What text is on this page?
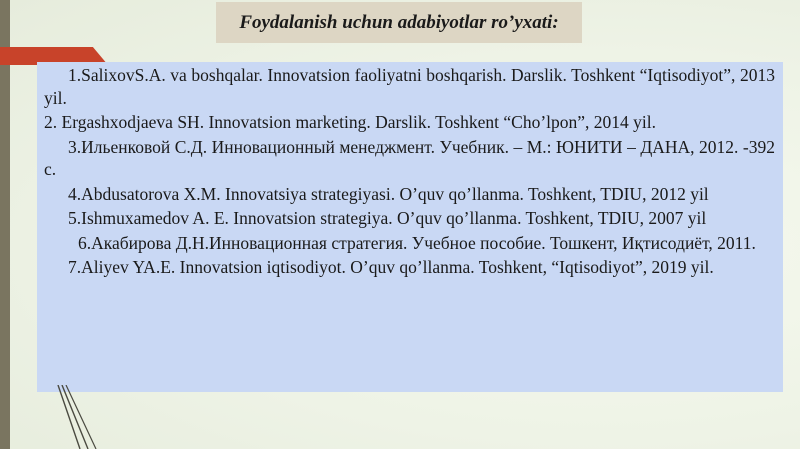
Foydalanish uchun adabiyotlar ro’yxati:

1.SalixovS.A. va boshqalar. Innovatsion faoliyatni boshqarish. Darslik. Toshkent “Iqtisodiyot”, 2013 yil.

2. Ergashxodjaeva SH. Innovatsion marketing. Darslik. Toshkent “Cho’lpon”, 2014 yil.

3.Ильенковой С.Д. Инновационный менеджмент. Учебник. – М.: ЮНИТИ – ДАНА, 2012. -392 с.

4.Abdusatorova X.M. Innovatsiya strategiyasi. O’quv qo’llanma. Toshkent, TDIU, 2012 yil

5.Ishmuxamedov A. E. Innovatsion strategiya. O’quv qo’llanma. Toshkent, TDIU, 2007 yil

6.Акабирова Д.Н.Инновационная стратегия. Учебное пособие. Тошкент, Иқтисодиёт, 2011.

7.Aliyev YA.E. Innovatsion iqtisodiyot. O’quv qo’llanma. Toshkent, “Iqtisodiyot”, 2019 yil.
